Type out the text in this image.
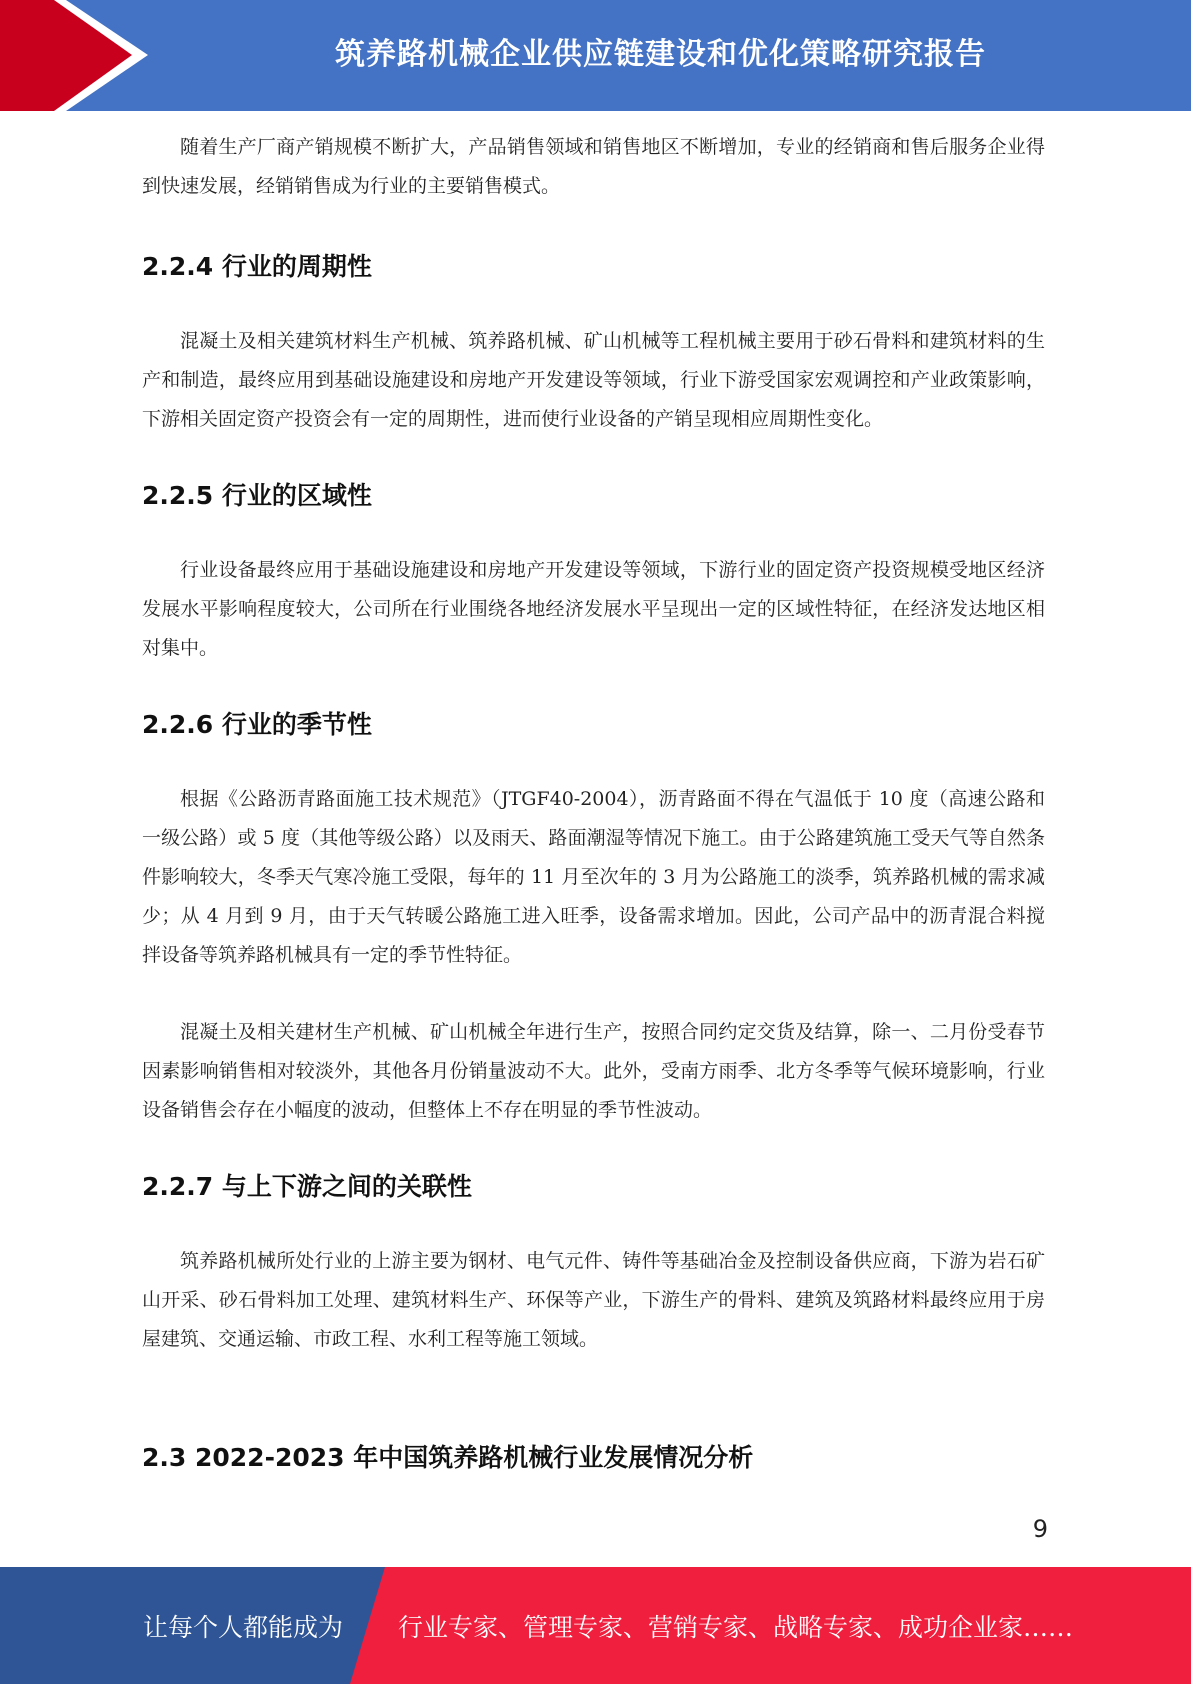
筑养路机械企业供应链建设和优化策略研究报告

随着生产厂商产销规模不断扩大，产品销售领域和销售地区不断增加，专业的经销商和售后服务企业得到快速发展，经销销售成为行业的主要销售模式。

2.2.4 行业的周期性

混凝土及相关建筑材料生产机械、筑养路机械、矿山机械等工程机械主要用于砂石骨料和建筑材料的生产和制造，最终应用到基础设施建设和房地产开发建设等领域，行业下游受国家宏观调控和产业政策影响，下游相关固定资产投资会有一定的周期性，进而使行业设备的产销呈现相应周期性变化。

2.2.5 行业的区域性

行业设备最终应用于基础设施建设和房地产开发建设等领域，下游行业的固定资产投资规模受地区经济发展水平影响程度较大，公司所在行业围绕各地经济发展水平呈现出一定的区域性特征，在经济发达地区相对集中。

2.2.6 行业的季节性

根据《公路沥青路面施工技术规范》（JTGF40-2004），沥青路面不得在气温低于 10 度（高速公路和一级公路）或 5 度（其他等级公路）以及雨天、路面潮湿等情况下施工。由于公路建筑施工受天气等自然条件影响较大，冬季天气寒冷施工受限，每年的 11 月至次年的 3 月为公路施工的淡季，筑养路机械的需求减少；从 4 月到 9 月，由于天气转暖公路施工进入旺季，设备需求增加。因此，公司产品中的沥青混合料搅拌设备等筑养路机械具有一定的季节性特征。

混凝土及相关建材生产机械、矿山机械全年进行生产，按照合同约定交货及结算，除一、二月份受春节因素影响销售相对较淡外，其他各月份销量波动不大。此外，受南方雨季、北方冬季等气候环境影响，行业设备销售会存在小幅度的波动，但整体上不存在明显的季节性波动。

2.2.7 与上下游之间的关联性

筑养路机械所处行业的上游主要为钢材、电气元件、铸件等基础冶金及控制设备供应商，下游为岩石矿山开采、砂石骨料加工处理、建筑材料生产、环保等产业，下游生产的骨料、建筑及筑路材料最终应用于房屋建筑、交通运输、市政工程、水利工程等施工领域。

2.3 2022-2023 年中国筑养路机械行业发展情况分析
9
让每个人都能成为 行业专家、管理专家、营销专家、战略专家、成功企业家……
